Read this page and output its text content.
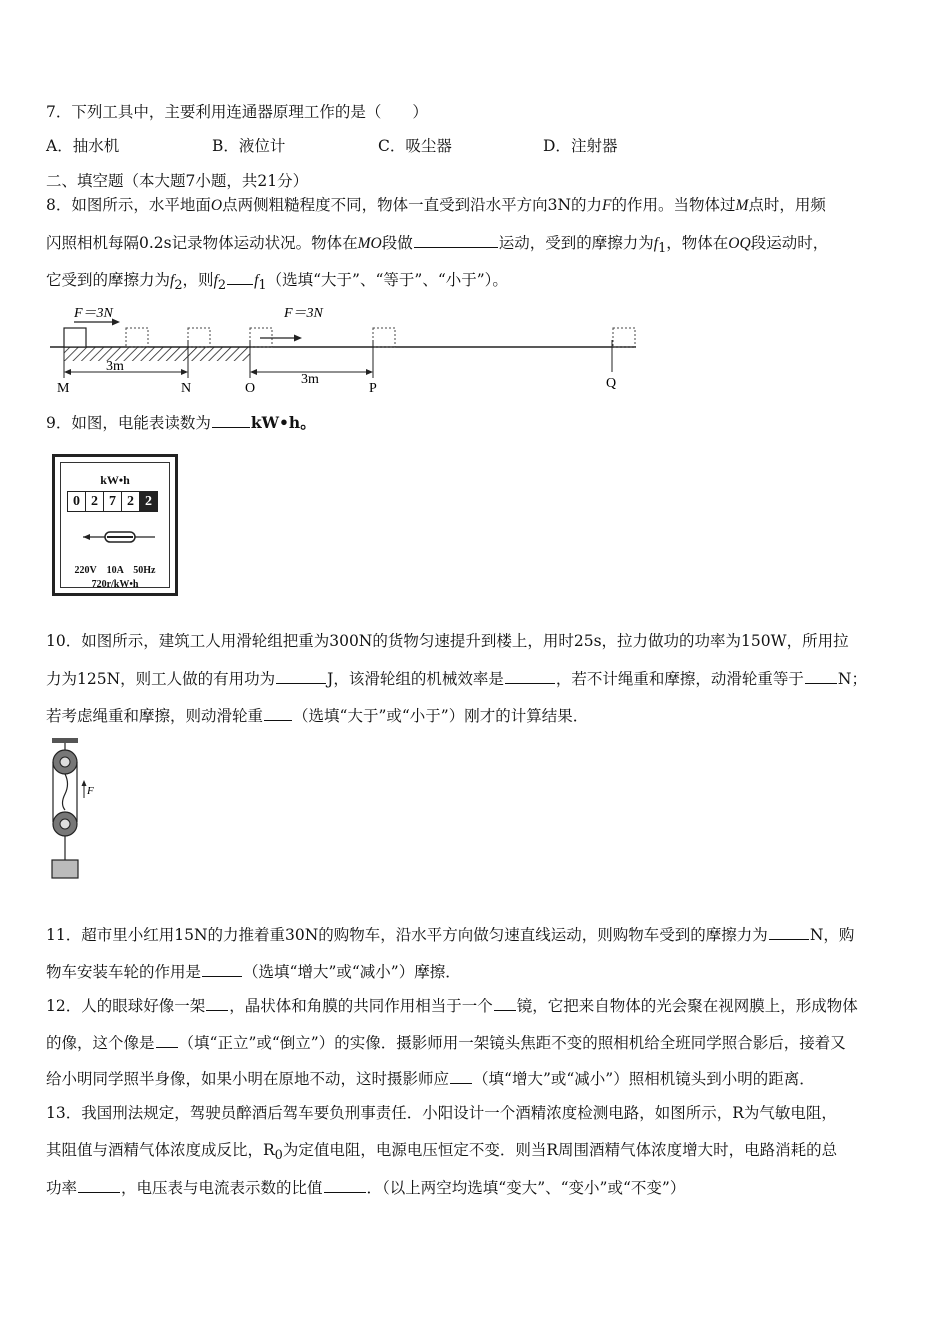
7．下列工具中，主要利用连通器原理工作的是（　　）
A．抽水机	B．液位计	C．吸尘器	D．注射器
二、填空题（本大题7小题，共21分）
8．如图所示，水平地面O点两侧粗糙程度不同，物体一直受到沿水平方向3N的力F的作用。当物体过M点时，用频
闪照相机每隔0.2s记录物体运动状况。物体在MO段做	运动，受到的摩擦力为$f_1$，物体在OQ段运动时，
它受到的摩擦力为$f_2$，则$f_2$ $f_1$（选填“大于”、“等于”、“小于”）。
F＝3N	F＝3N
3m
3m
M	N	O	P	Q
9．如图，电能表读数为	kW•h。
kW•h
0 2 7 2 2
220V　10A　50Hz
720r/kW•h
10．如图所示，建筑工人用滑轮组把重为300N的货物匀速提升到楼上，用时25s，拉力做功的功率为150W，所用拉
力为125N，则工人做的有用功为	J，该滑轮组的机械效率是	，若不计绳重和摩擦，动滑轮重等于 N；
若考虑绳重和摩擦，则动滑轮重 （选填“大于”或“小于”）刚才的计算结果．
F
11．超市里小红用15N的力推着重30N的购物车，沿水平方向做匀速直线运动，则购物车受到的摩擦力为	N，购
物车安装车轮的作用是	（选填“增大”或“减小”）摩擦．
12．人的眼球好像一架 ，晶状体和角膜的共同作用相当于一个 镜，它把来自物体的光会聚在视网膜上，形成物体
的像，这个像是 （填“正立”或“倒立”）的实像．摄影师用一架镜头焦距不变的照相机给全班同学照合影后，接着又
给小明同学照半身像，如果小明在原地不动，这时摄影师应 （填“增大”或“减小”）照相机镜头到小明的距离．
13．我国刑法规定，驾驶员醉酒后驾车要负刑事责任．小阳设计一个酒精浓度检测电路，如图所示，R为气敏电阻，
其阻值与酒精气体浓度成反比，$R_0$为定值电阻，电源电压恒定不变．则当R周围酒精气体浓度增大时，电路消耗的总
功率	，电压表与电流表示数的比值	．（以上两空均选填“变大”、“变小”或“不变”）
